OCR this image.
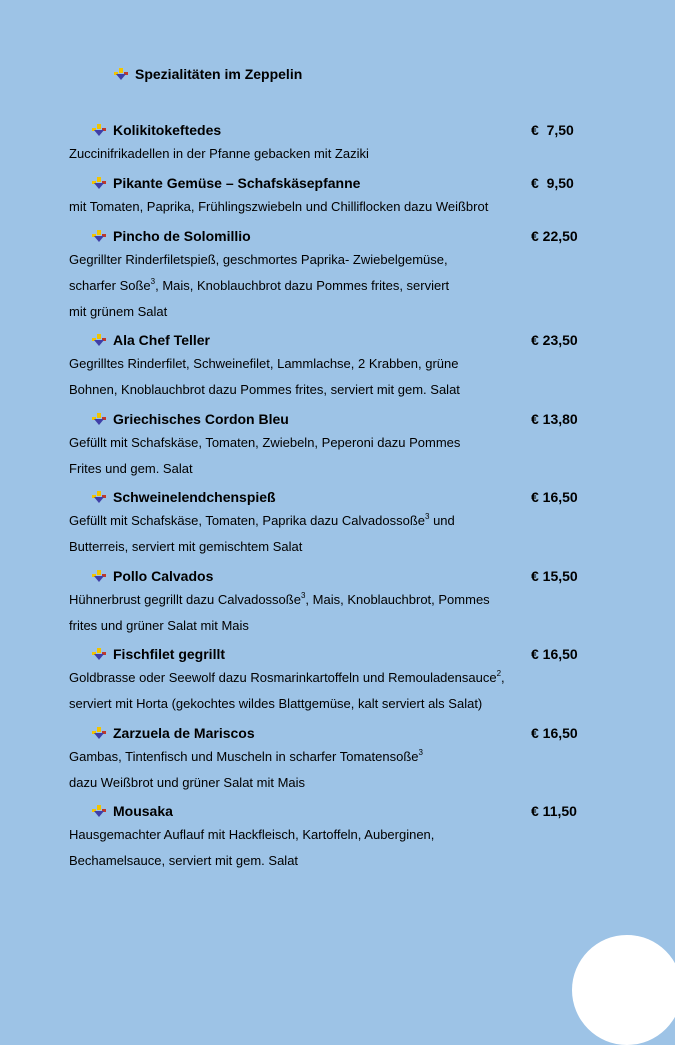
Spezialitäten im Zeppelin
Kolikitokeftedes	€  7,50
Zuccinifrikadellen in der Pfanne gebacken mit Zaziki
Pikante Gemüse – Schafskäsepfanne	€  9,50
mit Tomaten, Paprika, Frühlingszwiebeln und Chilliflocken dazu Weißbrot
Pincho de Solomillio	€ 22,50
Gegrillter Rinderfiletspieß, geschmortes Paprika- Zwiebelgemüse,
scharfer Soße$^3$, Mais, Knoblauchbrot dazu Pommes frites, serviert
mit grünem Salat
Ala Chef Teller	€ 23,50
Gegrilltes Rinderfilet, Schweinefilet, Lammlachse, 2 Krabben, grüne
Bohnen, Knoblauchbrot dazu Pommes frites, serviert mit gem. Salat
Griechisches Cordon Bleu	€ 13,80
Gefüllt mit Schafskäse, Tomaten, Zwiebeln, Peperoni dazu Pommes
Frites und gem. Salat
Schweinelendchenspieß	€ 16,50
Gefüllt mit Schafskäse, Tomaten, Paprika dazu Calvadossoße$^3$ und
Butterreis, serviert mit gemischtem Salat
Pollo Calvados	€ 15,50
Hühnerbrust gegrillt dazu Calvadossoße$^3$, Mais, Knoblauchbrot, Pommes
frites und grüner Salat mit Mais
Fischfilet gegrillt	€ 16,50
Goldbrasse oder Seewolf dazu Rosmarinkartoffeln und Remouladensauce$^2$,
serviert mit Horta (gekochtes wildes Blattgemüse, kalt serviert als Salat)
Zarzuela de Mariscos	€ 16,50
Gambas, Tintenfisch und Muscheln in scharfer Tomatensoße$^3$
dazu Weißbrot und grüner Salat mit Mais
Mousaka	€ 11,50
Hausgemachter Auflauf mit Hackfleisch, Kartoffeln, Auberginen,
Bechamelsauce, serviert mit gem. Salat
